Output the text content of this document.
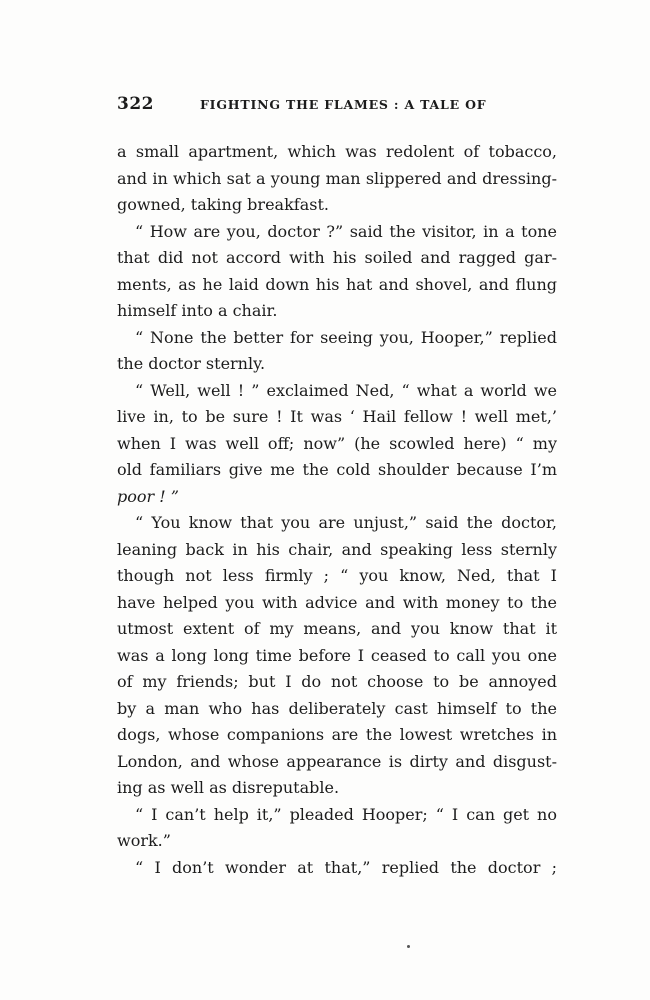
322	FIGHTING THE FLAMES : A TALE OF
a small apartment, which was redolent of tobacco,
and in which sat a young man slippered and dressing-
gowned, taking breakfast.
“ How are you, doctor ?” said the visitor, in a tone
that did not accord with his soiled and ragged gar-
ments, as he laid down his hat and shovel, and flung
himself into a chair.
“ None the better for seeing you, Hooper,” replied
the doctor sternly.
“ Well, well ! ” exclaimed Ned, “ what a world we
live in, to be sure ! It was ‘ Hail fellow ! well met,’
when I was well off; now” (he scowled here) “ my
old familiars give me the cold shoulder because I’m
poor ! ”
“ You know that you are unjust,” said the doctor,
leaning back in his chair, and speaking less sternly
though not less firmly ; “ you know, Ned, that I
have helped you with advice and with money to the
utmost extent of my means, and you know that it
was a long long time before I ceased to call you one
of my friends; but I do not choose to be annoyed
by a man who has deliberately cast himself to the
dogs, whose companions are the lowest wretches in
London, and whose appearance is dirty and disgust-
ing as well as disreputable.
“ I can’t help it,” pleaded Hooper; “ I can get no
work.”
“ I don’t wonder at that,” replied the doctor ;
